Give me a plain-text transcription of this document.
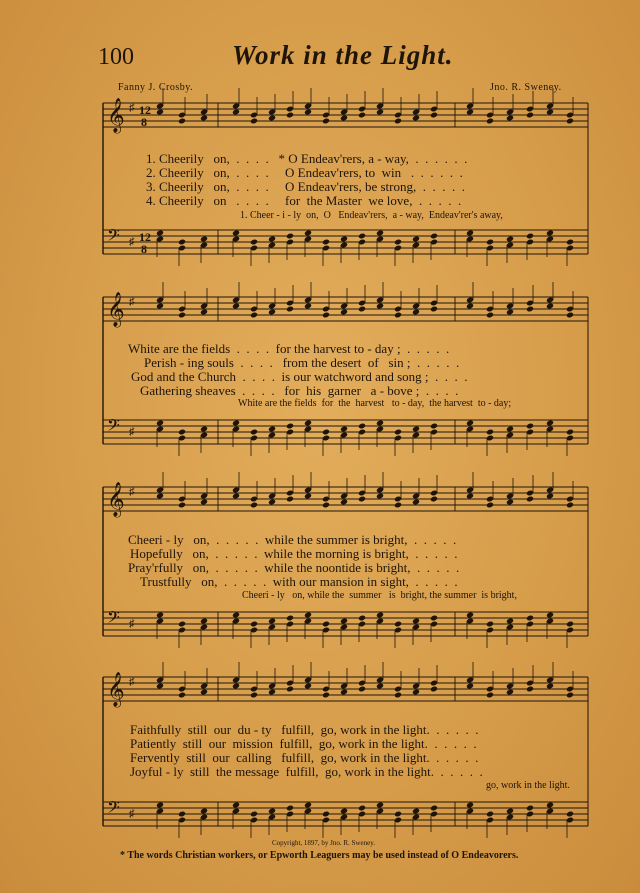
100	Work in the Light.
Fanny J. Crosby.	Jno. R. Sweney.
𝄞 ♯ 12
8
𝄢 ♯ 12
8
𝄞 ♯
𝄢 ♯
𝄞 ♯
𝄢 ♯
𝄞 ♯
𝄢 ♯
1. Cheerily   on,  .  .  .  .   * O Endeav'rers, a - way,  .  .  .  .  .  .
2. Cheerily   on,  .  .  .  .     O Endeav'rers, to  win   .  .  .  .  .  .
3. Cheerily   on,  .  .  .  .     O Endeav'rers, be strong,  .  .  .  .  .
4. Cheerily   on   .  .  .  .     for  the Master  we love,  .  .  .  .  .
1. Cheer - i - ly  on,  O   Endeav'rers,  a - way,  Endeav'rer's away,
White are the fields  .  .  .  .  for the harvest to - day ;  .  .  .  .  .
Perish - ing souls  .  .  .  .   from the desert  of   sin ;  .  .  .  .  .
God and the Church  .  .  .  .  is our watchword and song ;  .  .  .  .
Gathering sheaves  .  .  .  .   for  his  garner   a - bove ;  .  .  .  .
White are the fields  for  the  harvest   to - day,  the harvest  to - day;
Cheeri - ly   on,  .  .  .  .  .  while the summer is bright,  .  .  .  .  .
Hopefully   on,  .  .  .  .  .  while the morning is bright,  .  .  .  .  .
Pray'rfully   on,  .  .  .  .  .  while the noontide is bright,  .  .  .  .  .
Trustfully   on,  .  .  .  .  .  with our mansion in sight,  .  .  .  .  .
Cheeri - ly   on, while the  summer   is  bright, the summer  is bright,
Faithfully  still  our  du - ty   fulfill,  go, work in the light.  .  .  .  .  .
Patiently  still  our  mission  fulfill,  go, work in the light.  .  .  .  .  .
Fervently  still  our  calling   fulfill,  go, work in the light.  .  .  .  .  .
Joyful - ly  still  the message  fulfill,  go, work in the light.  .  .  .  .  .
go, work in the light.
Copyright, 1897, by Jno. R. Sweney.
* The words Christian workers, or Epworth Leaguers may be used instead of O Endeavorers.
